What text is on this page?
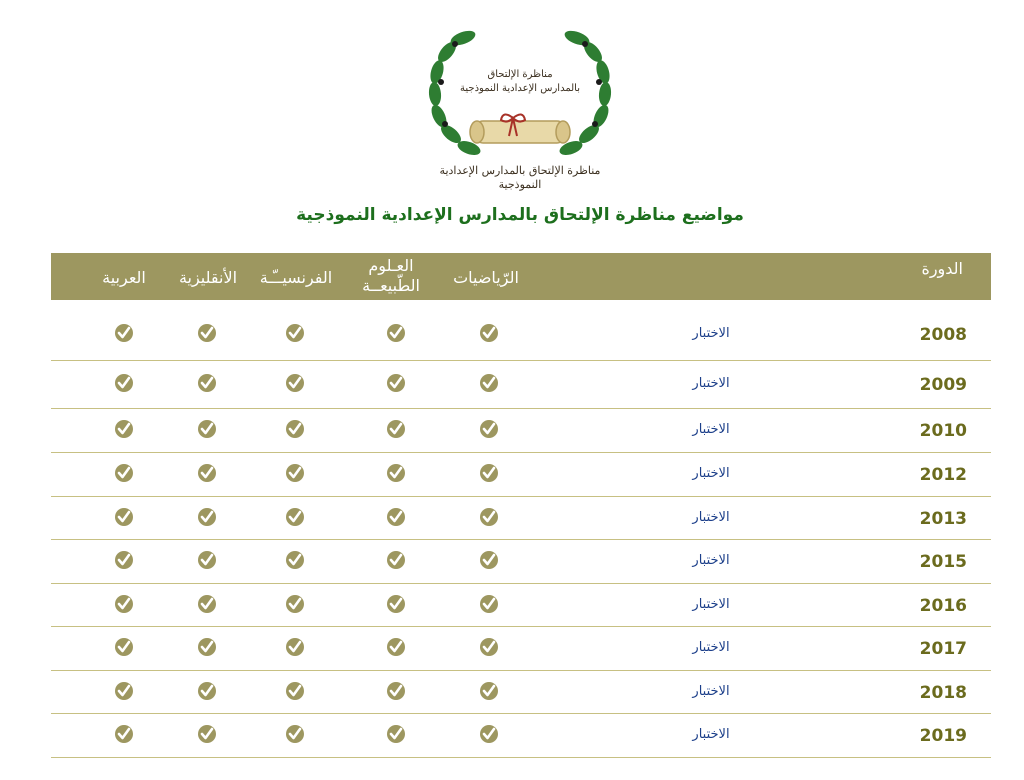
مناظرة الإلتحاق
بالمدارس الإعدادية النموذجية
مناظرة الإلتحاق بالمدارس الإعدادية النموذجية
مواضيع مناظرة الإلتحاق بالمدارس الإعدادية النموذجية
الدورة
الرّياضيات
العـلوم الطّبيعــة
الفرنسيــّـة
الأنقليزية
العربية
2008
الاختبار
2009
الاختبار
2010
الاختبار
2012
الاختبار
2013
الاختبار
2015
الاختبار
2016
الاختبار
2017
الاختبار
2018
الاختبار
2019
الاختبار
